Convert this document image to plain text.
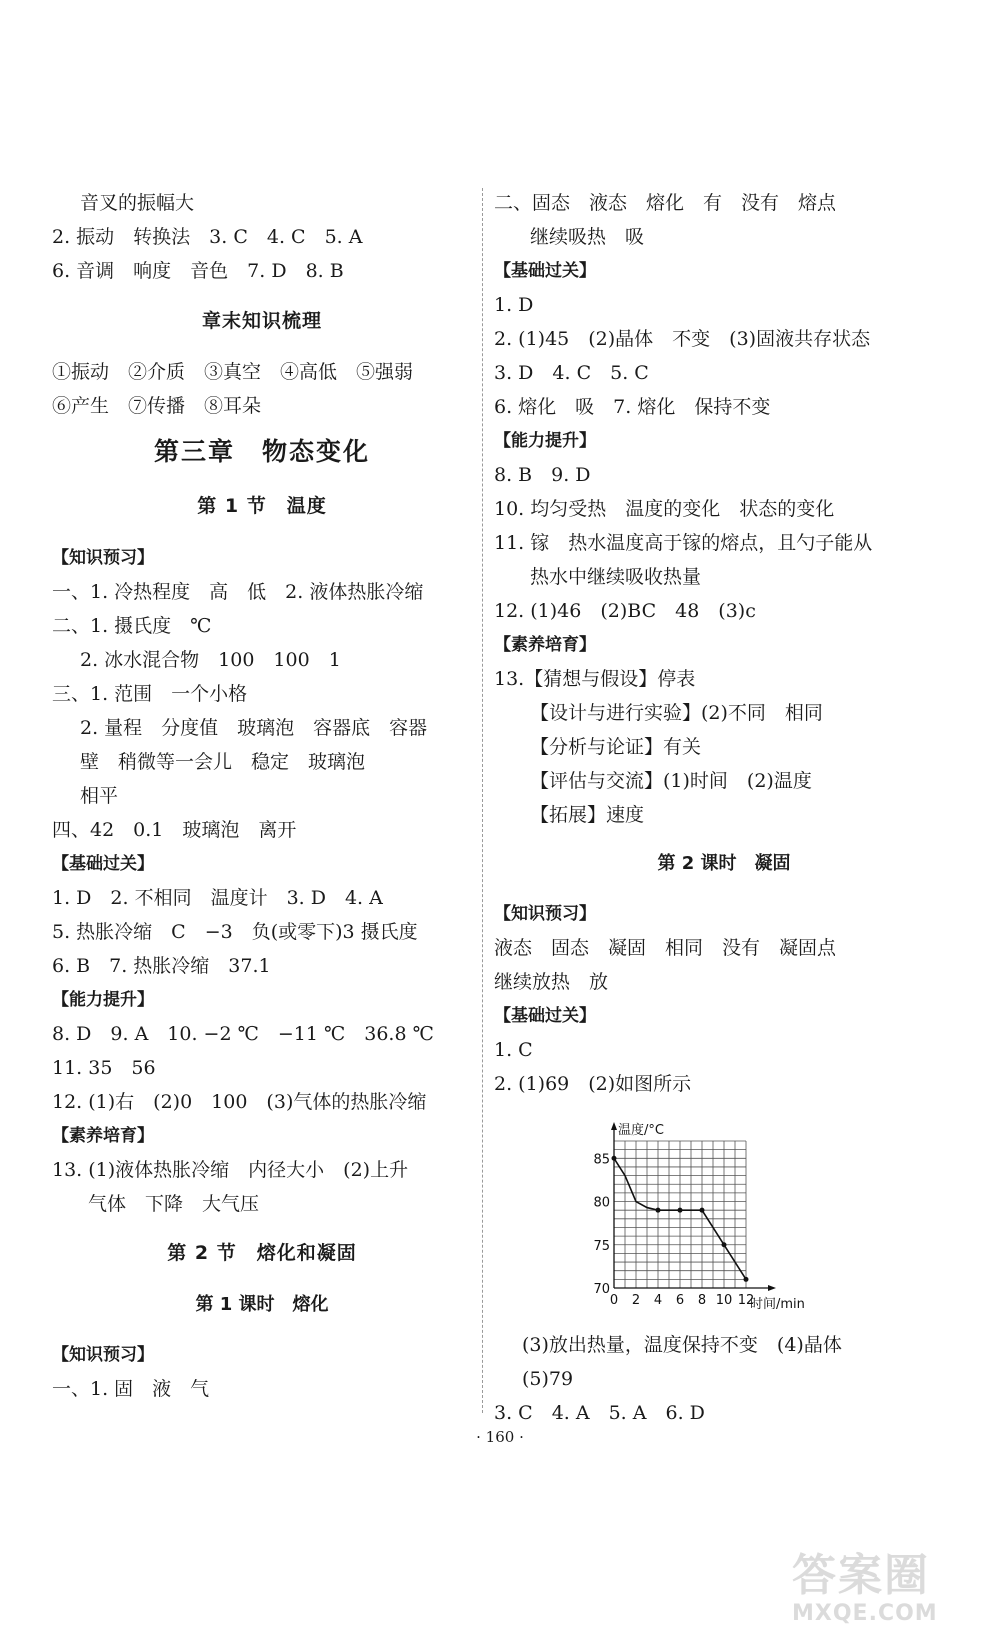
音叉的振幅大
2. 振动　转换法　3. C　4. C　5. A
6. 音调　响度　音色　7. D　8. B
章末知识梳理
①振动　②介质　③真空　④高低　⑤强弱
⑥产生　⑦传播　⑧耳朵
第三章　物态变化
第 1 节　温度
【知识预习】
一、1. 冷热程度　高　低　2. 液体热胀冷缩
二、1. 摄氏度　℃
2. 冰水混合物　100　100　1
三、1. 范围　一个小格
2. 量程　分度值　玻璃泡　容器底　容器
壁　稍微等一会儿　稳定　玻璃泡
相平
四、42　0.1　玻璃泡　离开
【基础过关】
1. D　2. 不相同　温度计　3. D　4. A
5. 热胀冷缩　C　−3　负(或零下)3 摄氏度
6. B　7. 热胀冷缩　37.1
【能力提升】
8. D　9. A　10. −2 ℃　−11 ℃　36.8 ℃
11. 35　56
12. (1)右　(2)0　100　(3)气体的热胀冷缩
【素养培育】
13. (1)液体热胀冷缩　内径大小　(2)上升
气体　下降　大气压
第 2 节　熔化和凝固
第 1 课时　熔化
【知识预习】
一、1. 固　液　气
二、固态　液态　熔化　有　没有　熔点
继续吸热　吸
【基础过关】
1. D
2. (1)45　(2)晶体　不变　(3)固液共存状态
3. D　4. C　5. C
6. 熔化　吸　7. 熔化　保持不变
【能力提升】
8. B　9. D
10. 均匀受热　温度的变化　状态的变化
11. 镓　热水温度高于镓的熔点，且勺子能从
热水中继续吸收热量
12. (1)46　(2)BC　48　(3)c
【素养培育】
13.【猜想与假设】停表
【设计与进行实验】(2)不同　相同
【分析与论证】有关
【评估与交流】(1)时间　(2)温度
【拓展】速度
第 2 课时　凝固
【知识预习】
液态　固态　凝固　相同　没有　凝固点
继续放热　放
【基础过关】
1. C
2. (1)69　(2)如图所示
(3)放出热量，温度保持不变　(4)晶体
(5)79
3. C　4. A　5. A　6. D
温度/°C
时间/min
70
75
80
85
0 2 4 6 8 10 12
· 160 ·
答案圈
MXQE.COM
